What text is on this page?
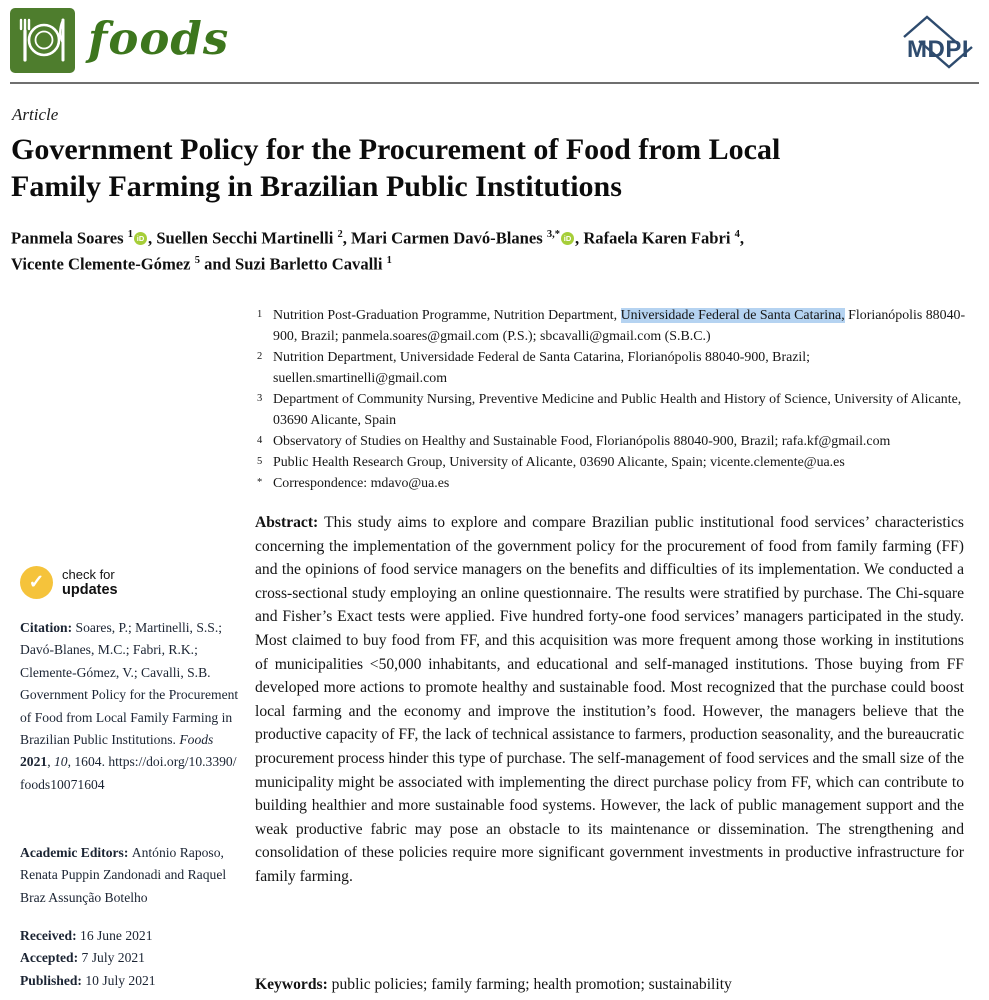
foods	MDPI
Article
Government Policy for the Procurement of Food from Local
Family Farming in Brazilian Public Institutions
Panmela Soares $^1$ iD , Suellen Secchi Martinelli $^2$, Mari Carmen Davó-Blanes $^{3,*}$ iD , Rafaela Karen Fabri $^4$,
Vicente Clemente-Gómez $^5$ and Suzi Barletto Cavalli $^1$
1 Nutrition Post-Graduation Programme, Nutrition Department, Universidade Federal de Santa Catarina, Florianópolis 88040-900, Brazil; panmela.soares@gmail.com (P.S.); sbcavalli@gmail.com (S.B.C.)
2 Nutrition Department, Universidade Federal de Santa Catarina, Florianópolis 88040-900, Brazil; suellen.smartinelli@gmail.com
3 Department of Community Nursing, Preventive Medicine and Public Health and History of Science, University of Alicante, 03690 Alicante, Spain
4 Observatory of Studies on Healthy and Sustainable Food, Florianópolis 88040-900, Brazil; rafa.kf@gmail.com
5 Public Health Research Group, University of Alicante, 03690 Alicante, Spain; vicente.clemente@ua.es
* Correspondence: mdavo@ua.es
✓	check for
updates
Citation: Soares, P.; Martinelli, S.S.; Davó-Blanes, M.C.; Fabri, R.K.; Clemente-Gómez, V.; Cavalli, S.B. Government Policy for the Procurement of Food from Local Family Farming in Brazilian Public Institutions. Foods 2021, 10, 1604. https://doi.org/10.3390/foods10071604
Academic Editors: António Raposo, Renata Puppin Zandonadi and Raquel Braz Assunção Botelho
Received: 16 June 2021
Accepted: 7 July 2021
Published: 10 July 2021
Abstract: This study aims to explore and compare Brazilian public institutional food services’ characteristics concerning the implementation of the government policy for the procurement of food from family farming (FF) and the opinions of food service managers on the benefits and difficulties of its implementation. We conducted a cross-sectional study employing an online questionnaire. The results were stratified by purchase. The Chi-square and Fisher’s Exact tests were applied. Five hundred forty-one food services’ managers participated in the study. Most claimed to buy food from FF, and this acquisition was more frequent among those working in institutions of municipalities <50,000 inhabitants, and educational and self-managed institutions. Those buying from FF developed more actions to promote healthy and sustainable food. Most recognized that the purchase could boost local farming and the economy and improve the institution’s food. However, the managers believe that the productive capacity of FF, the lack of technical assistance to farmers, production seasonality, and the bureaucratic procurement process hinder this type of purchase. The self-management of food services and the small size of the municipality might be associated with implementing the direct purchase policy from FF, which can contribute to building healthier and more sustainable food systems. However, the lack of public management support and the weak productive fabric may pose an obstacle to its maintenance or dissemination. The strengthening and consolidation of these policies require more significant government investments in productive infrastructure for family farming.
Keywords: public policies; family farming; health promotion; sustainability
